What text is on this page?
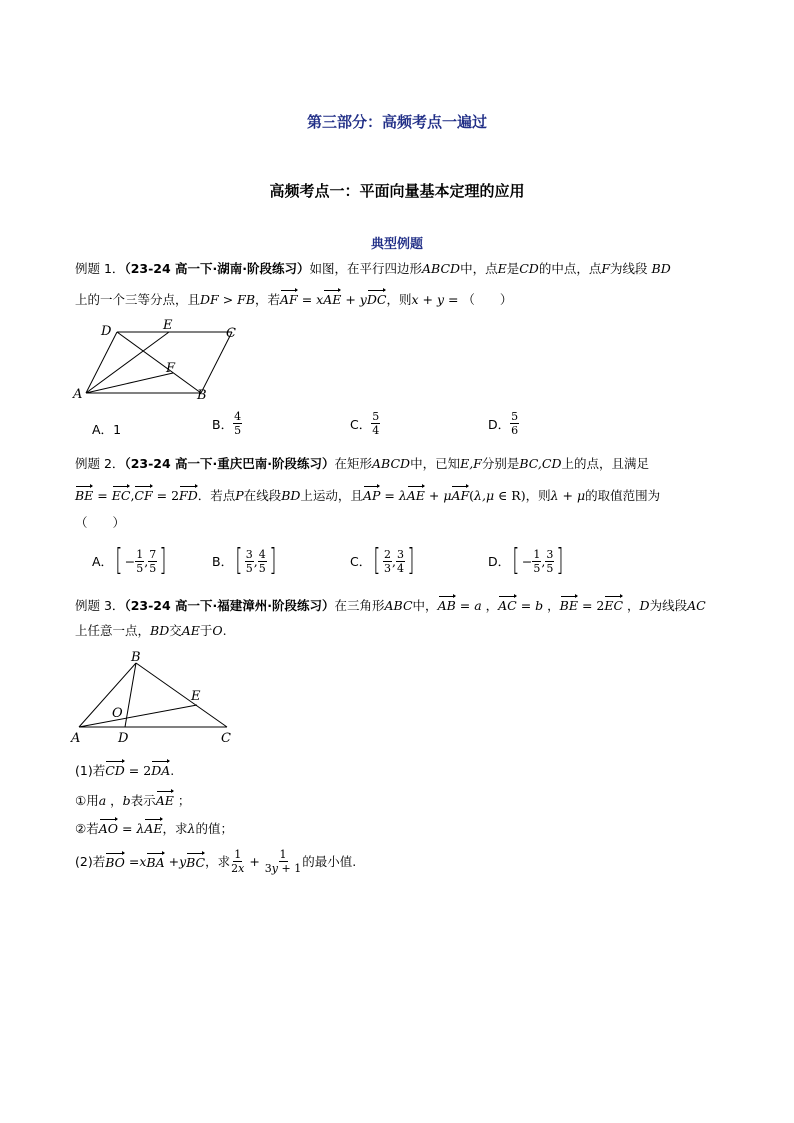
第三部分：高频考点一遍过
高频考点一：平面向量基本定理的应用
典型例题
例题 1．（23-24 高一下·湖南·阶段练习）如图，在平行四边形ABCD中，点E是CD的中点，点F为线段 BD
上的一个三等分点，且DF > FB，若AF = xAE + yDC，则x + y = （　　）
D	E
C
F
A	B
A．1	B． $\frac{4}{5}$	C． $\frac{5}{4}$	D． $\frac{5}{6}$
例题 2．（23-24 高一下·重庆巴南·阶段练习）在矩形ABCD中，已知E,F分别是BC,CD上的点，且满足
BE = EC,CF = 2FD．若点P在线段BD上运动，且AP = λAE + μAF(λ,μ ∈ R)，则λ + μ的取值范围为
（　　）
A． [ − $\frac{1}{5}$ , $\frac{7}{5}$ ]	B． [ $\frac{3}{5}$ , $\frac{4}{5}$ ]	C． [ $\frac{2}{3}$ , $\frac{3}{4}$ ]	D． [ − $\frac{1}{5}$ , $\frac{3}{5}$ ]
例题 3．（23-24 高一下·福建漳州·阶段练习）在三角形ABC中，AB = a ，AC = b ，BE = 2EC ，D为线段AC
上任意一点，BD交AE于O.
B
E
O
A	D	C
(1)若CD = 2DA.
①用a ，b表示AE ；
②若AO = λAE，求λ的值；
(2)若 BO = x BA + y BC ，求 $\frac{1}{2x} + \frac{1}{3y + 1}$ 的最小值.
